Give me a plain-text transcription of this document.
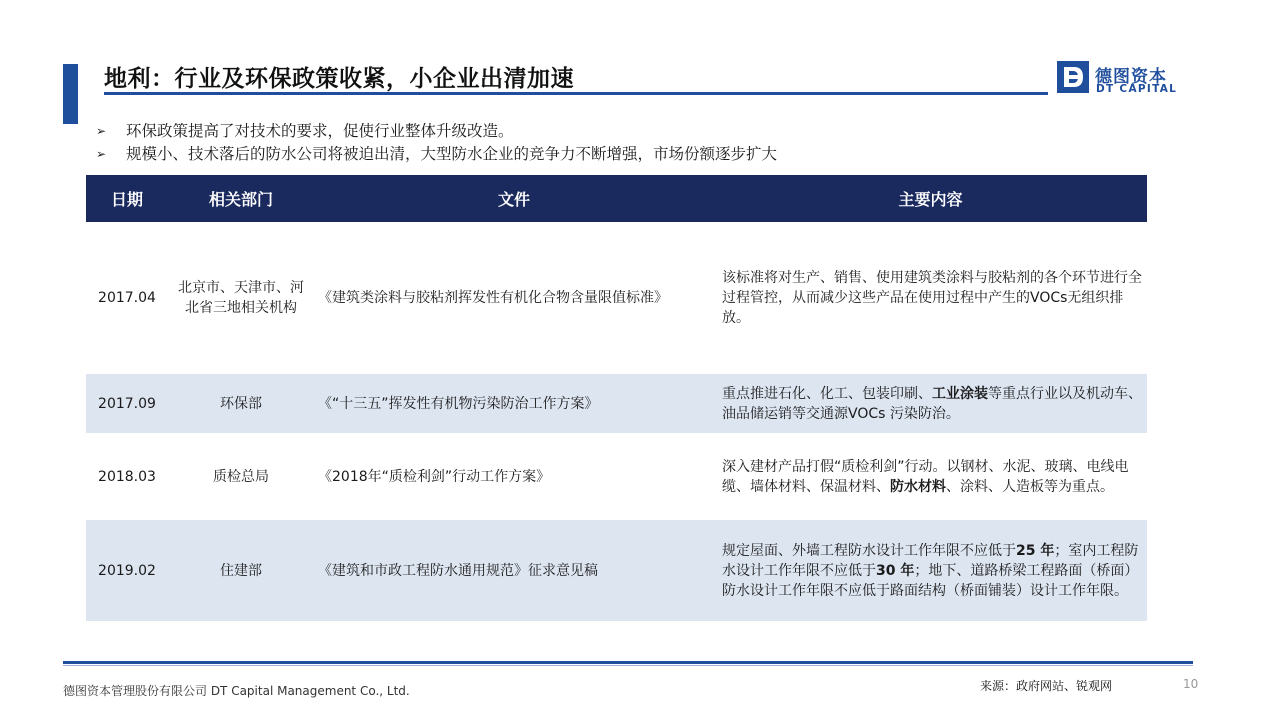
地利：行业及环保政策收紧，小企业出清加速	德图资本
DT CAPITAL
➢	环保政策提高了对技术的要求，促使行业整体升级改造。
➢	规模小、技术落后的防水公司将被迫出清，大型防水企业的竞争力不断增强，市场份额逐步扩大
日期	相关部门	文件	主要内容
2017.04	北京市、天津市、河北省三地相关机构	《建筑类涂料与胶粘剂挥发性有机化合物含量限值标准》	该标准将对生产、销售、使用建筑类涂料与胶粘剂的各个环节进行全过程管控，从而减少这些产品在使用过程中产生的VOCs无组织排放。
2017.09	环保部	《“十三五”挥发性有机物污染防治工作方案》	重点推进石化、化工、包装印刷、工业涂装等重点行业以及机动车、油品储运销等交通源VOCs 污染防治。
2018.03	质检总局	《2018年“质检利剑”行动工作方案》	深入建材产品打假“质检利剑”行动。以钢材、水泥、玻璃、电线电缆、墙体材料、保温材料、防水材料、涂料、人造板等为重点。
2019.02	住建部	《建筑和市政工程防水通用规范》征求意见稿	规定屋面、外墙工程防水设计工作年限不应低于25 年；室内工程防水设计工作年限不应低于30 年；地下、道路桥梁工程路面（桥面）防水设计工作年限不应低于路面结构（桥面铺装）设计工作年限。
德图资本管理股份有限公司 DT Capital Management Co., Ltd.	来源：政府网站、锐观网	10
